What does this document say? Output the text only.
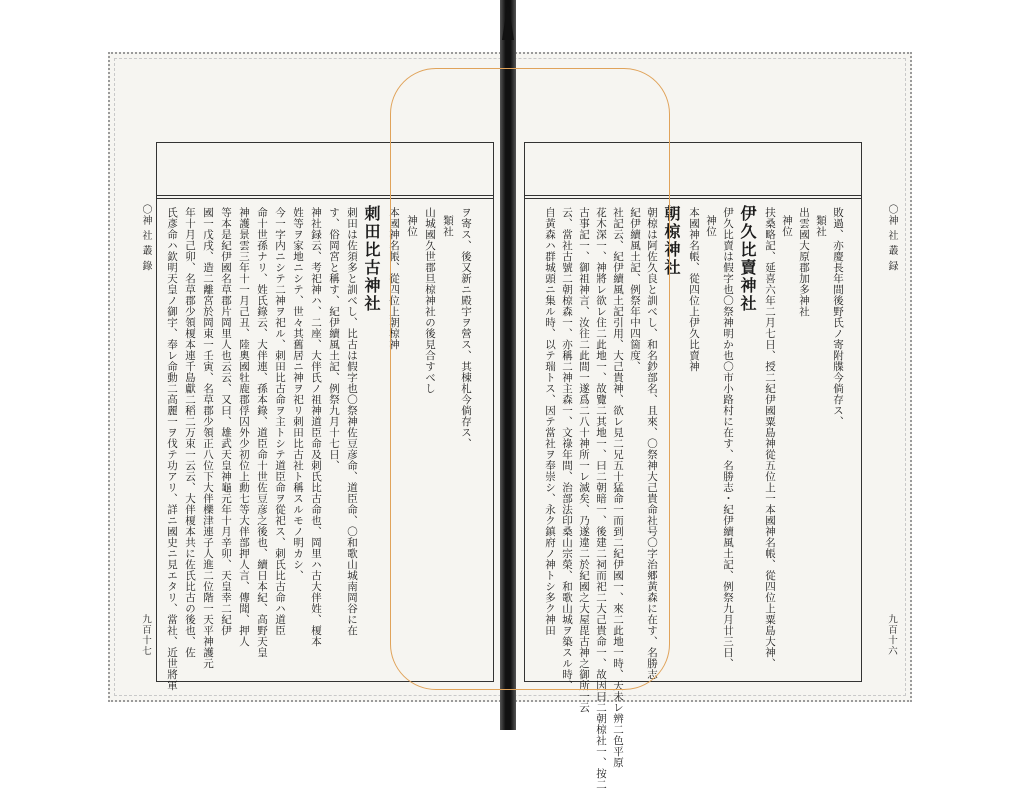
〇神 社 叢 錄
九百十七
ヲ寄ス、後又新ニ殿宇ヲ營ス、其棟札今倘存ス、
類社
山城國久世郡旦椋神社の後見合すべし
神位
本國神名帳、從四位上朝椋神
刺田比古神社
刺田は佐須多と訓べし、比古は假字也〇祭神佐豆彦命、道臣命、〇和歌山城南岡谷に在
す、俗岡宮と稱す、紀伊續風土記、例祭九月十七日、
神社録云、考祀神ハ、二座、大伴氏ノ祖神道臣命及刺氏比古命也、岡里ハ古大伴姓、榎本
姓等ヲ家地ニシテ、世々其舊居ニ神ヲ祀リ刺田比古社ト稱スルモノ明カシ、
今一字内ニシテ二神ヲ祀ル、刺田比古命ヲ主トシテ道臣命ヲ從祀ス、刺氏比古命ハ道臣
命十世孫ナリ、姓氏錄云、大伴連、孫本錄、道臣命十世佐豆彦之後也、續日本紀、高野天皇
神護景雲三年十一月己丑、陸奧國牡鹿郡俘囚外少初位上勳七等大伴部押人言、傳聞、押人
等本是紀伊國名草郡片岡里人也云云、又曰、雄武天皇神龜元年十月辛卯、天皇幸二紀伊
國一戊戌、造二離宮於岡東一壬寅、名草郡少領正八位下大伴櫟津連子人進二位階一天平神護元
年十月己卯、名草郡少領榎本連千島獻二稻二万束一云云、大伴榎本共に佐氏比古の後也、佐
氏彥命ハ欽明天皇ノ御宇、奉レ命動二高麗一ヲ伐テ功アリ、詳ニ國史ニ見エタリ、當社、近世將軍	〇神 社 叢 録
九百十六
敗過、亦慶長年間後野氏ノ寄附牒今倘存ス、
類社
出雲國大原郡加多神社
神位
扶桑略記、延喜六年二月七日、授二紀伊國粟島神從五位上一本國神名帳、從四位上粟島大神、
伊久比賣神社
伊久比賣は假字也〇祭神明か也〇市小路村に在す、名勝志・紀伊續風土記、例祭九月廿三日、
神位
本國神名帳、從四位上伊久比賣神
朝椋神社
朝椋は阿佐久良と訓べし、和名鈔部名、且來、〇祭神大己貴命社号〇字治郷黃森に在す、名勝志
紀伊續風土記、例祭年中四箇度、
社記云、紀伊續風土記引用、大己貴神、欲レ見二兄五十猛命一而到二紀伊國一、來二此地一時、天未レ辨二色平原
花木深一、神將レ欲レ住二此地一、故覽二其地一、曰二朝暗一、後建二祠而祀二大己貴命一、故因曰二朝椋社一、按二
古事記一、御祖神言、汝往二此間一遂爲二八十神所一レ滅矣、乃遂違二於紀國之大屋毘古神之御所一云
云、當社古號二朝椋森一、亦稱二神主森一、文祿年間、治部法印桑山宗榮、和歌山城ヲ築スル時、
自黃森ハ群城頭ニ集ル時、以テ瑞トス、因テ當社ヲ奉崇シ、永ク鎮府ノ神トシ多ク神田
